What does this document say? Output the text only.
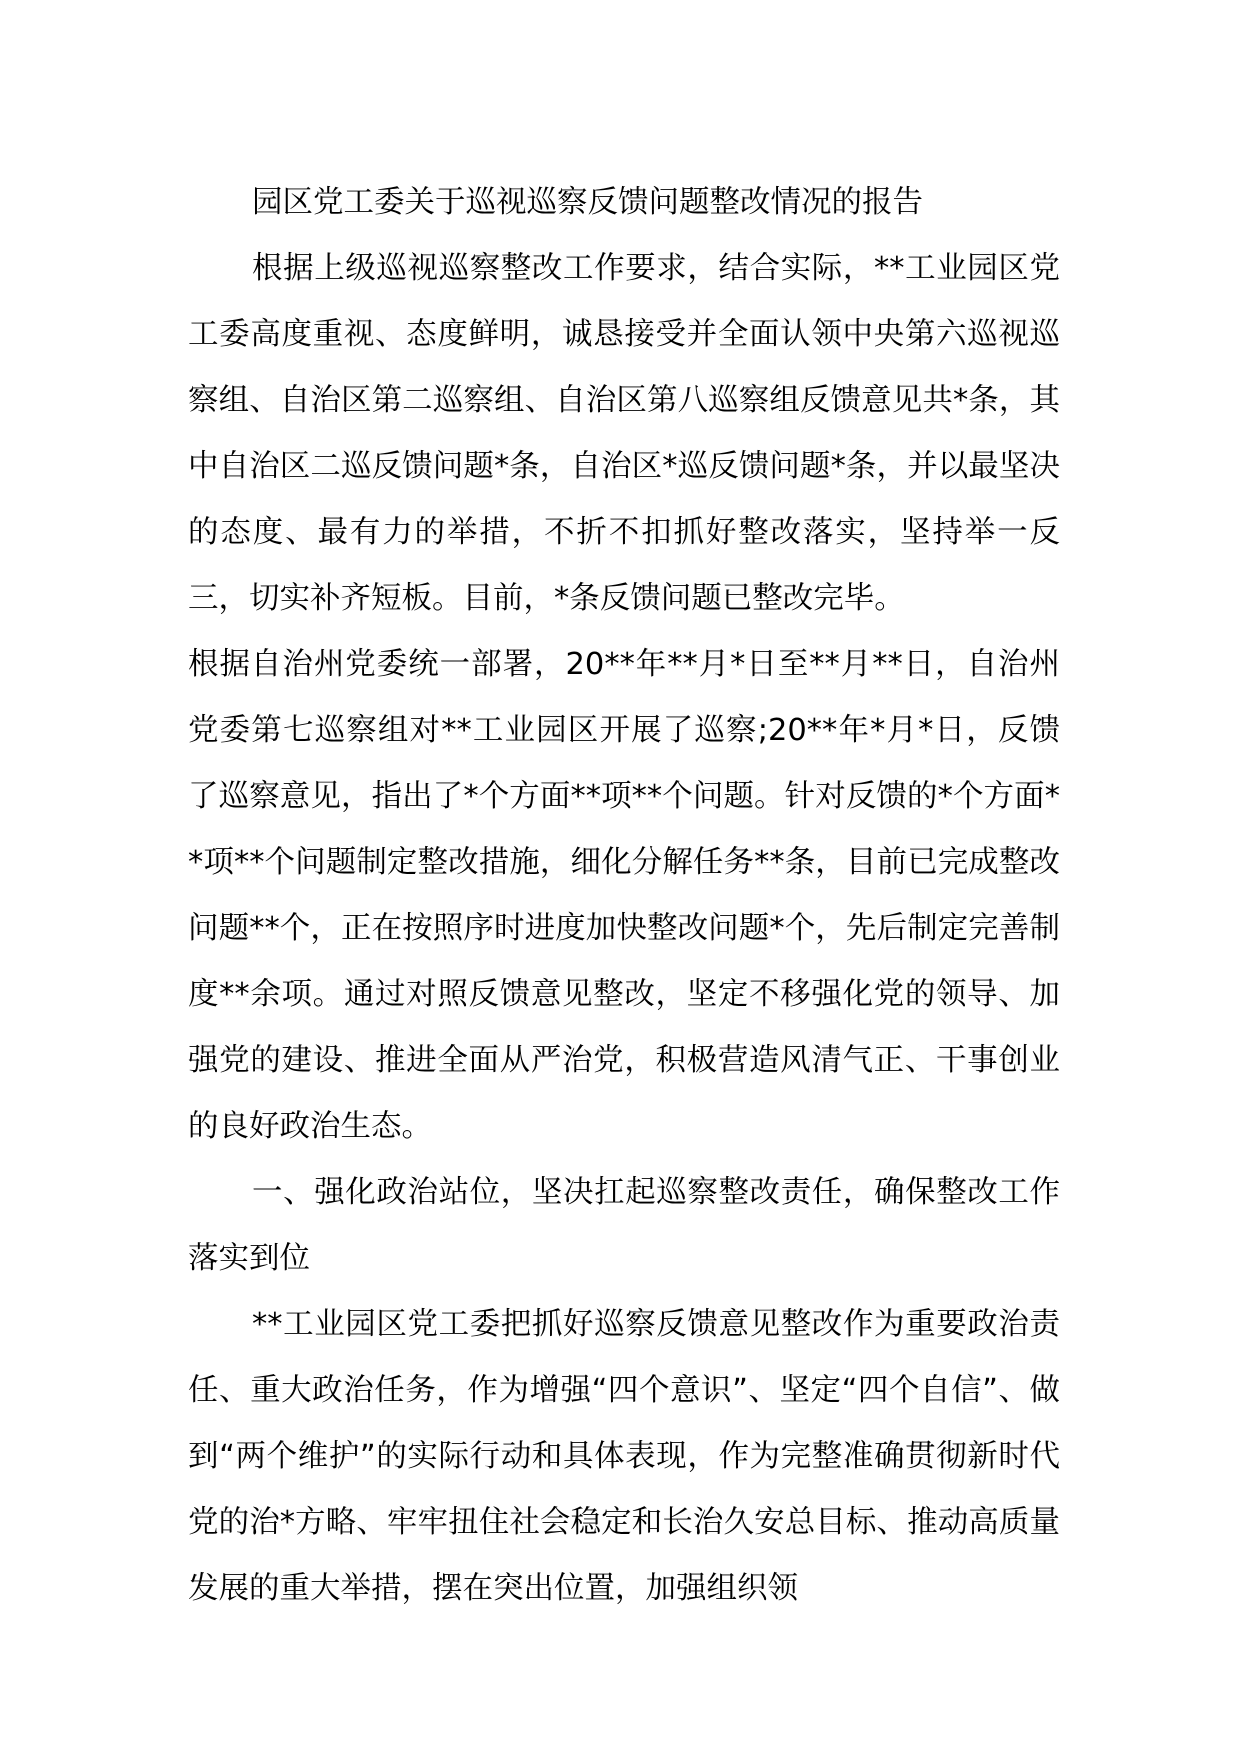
园区党工委关于巡视巡察反馈问题整改情况的报告

根据上级巡视巡察整改工作要求，结合实际，**工业园区党工委高度重视、态度鲜明，诚恳接受并全面认领中央第六巡视巡察组、自治区第二巡察组、自治区第八巡察组反馈意见共*条，其中自治区二巡反馈问题*条，自治区*巡反馈问题*条，并以最坚决的态度、最有力的举措，不折不扣抓好整改落实，坚持举一反三，切实补齐短板。目前，*条反馈问题已整改完毕。

根据自治州党委统一部署，20**年**月*日至**月**日，自治州党委第七巡察组对**工业园区开展了巡察;20**年*月*日，反馈了巡察意见，指出了*个方面**项**个问题。针对反馈的*个方面**项**个问题制定整改措施，细化分解任务**条，目前已完成整改问题**个，正在按照序时进度加快整改问题*个，先后制定完善制度**余项。通过对照反馈意见整改，坚定不移强化党的领导、加强党的建设、推进全面从严治党，积极营造风清气正、干事创业的良好政治生态。

一、强化政治站位，坚决扛起巡察整改责任，确保整改工作落实到位

**工业园区党工委把抓好巡察反馈意见整改作为重要政治责任、重大政治任务，作为增强“四个意识”、坚定“四个自信”、做到“两个维护”的实际行动和具体表现，作为完整准确贯彻新时代党的治*方略、牢牢扭住社会稳定和长治久安总目标、推动高质量发展的重大举措，摆在突出位置，加强组织领
